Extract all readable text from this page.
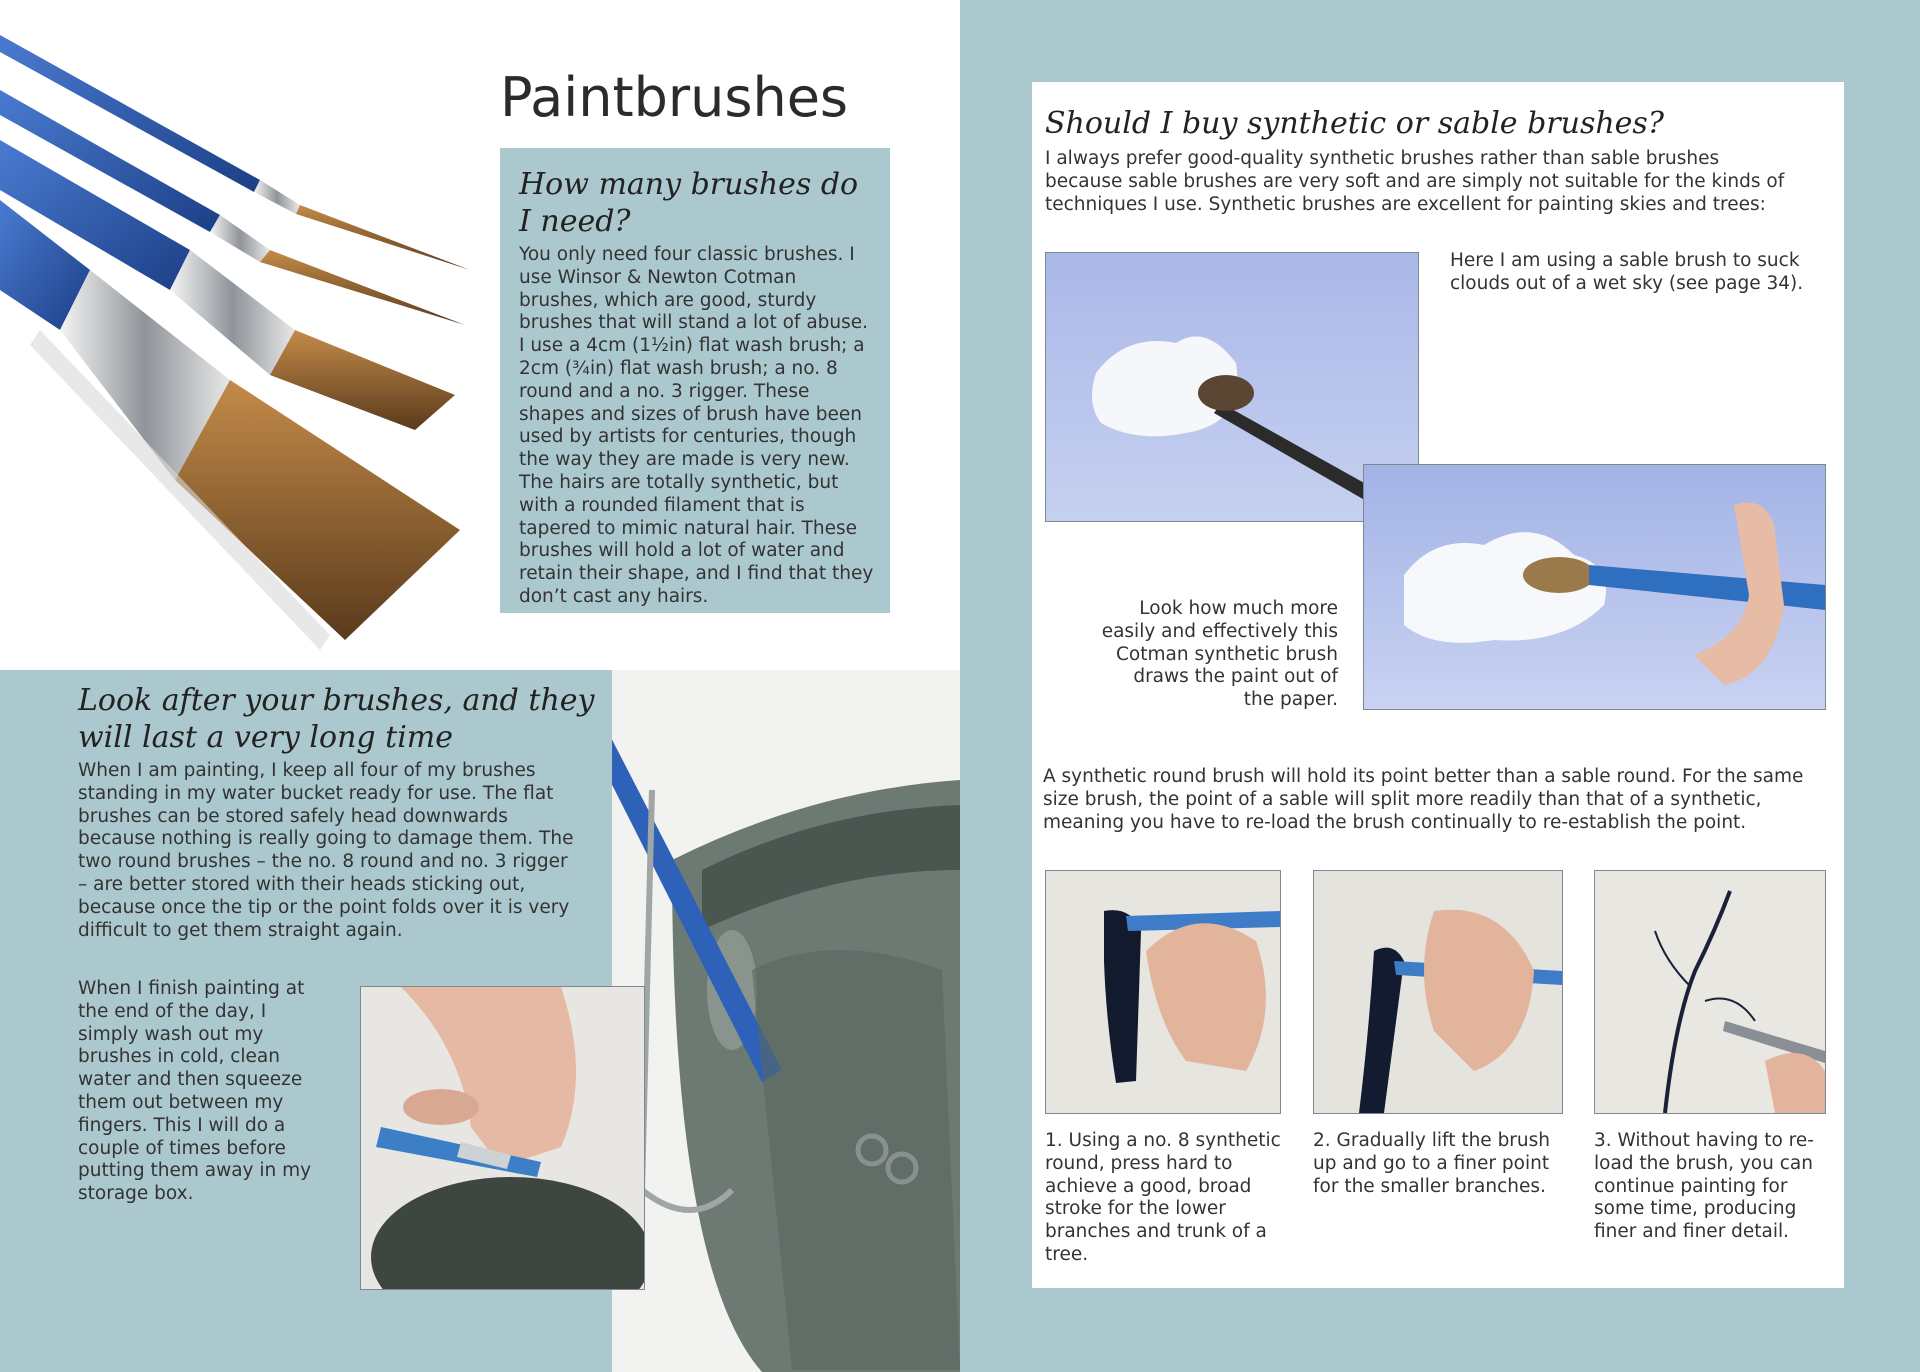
Paintbrushes
How many brushes do I need?
You only need four classic brushes. I use Winsor & Newton Cotman brushes, which are good, sturdy brushes that will stand a lot of abuse. I use a 4cm (1½in) flat wash brush; a 2cm (¾in) flat wash brush; a no. 8 round and a no. 3 rigger. These shapes and sizes of brush have been used by artists for centuries, though the way they are made is very new. The hairs are totally synthetic, but with a rounded filament that is tapered to mimic natural hair. These brushes will hold a lot of water and retain their shape, and I find that they don’t cast any hairs.
Look after your brushes, and they will last a very long time
When I am painting, I keep all four of my brushes standing in my water bucket ready for use. The flat brushes can be stored safely head downwards because nothing is really going to damage them. The two round brushes – the no. 8 round and no. 3 rigger – are better stored with their heads sticking out, because once the tip or the point folds over it is very difficult to get them straight again.
When I finish painting at the end of the day, I simply wash out my brushes in cold, clean water and then squeeze them out between my fingers. This I will do a couple of times before putting them away in my storage box.
Should I buy synthetic or sable brushes?
I always prefer good-quality synthetic brushes rather than sable brushes because sable brushes are very soft and are simply not suitable for the kinds of techniques I use. Synthetic brushes are excellent for painting skies and trees:
Here I am using a sable brush to suck clouds out of a wet sky (see page 34).
Look how much more easily and effectively this Cotman synthetic brush draws the paint out of the paper.
A synthetic round brush will hold its point better than a sable round. For the same size brush, the point of a sable will split more readily than that of a synthetic, meaning you have to re-load the brush continually to re-establish the point.
1. Using a no. 8 synthetic round, press hard to achieve a good, broad stroke for the lower branches and trunk of a tree.
2. Gradually lift the brush up and go to a finer point for the smaller branches.
3. Without having to re-load the brush, you can continue painting for some time, producing finer and finer detail.
